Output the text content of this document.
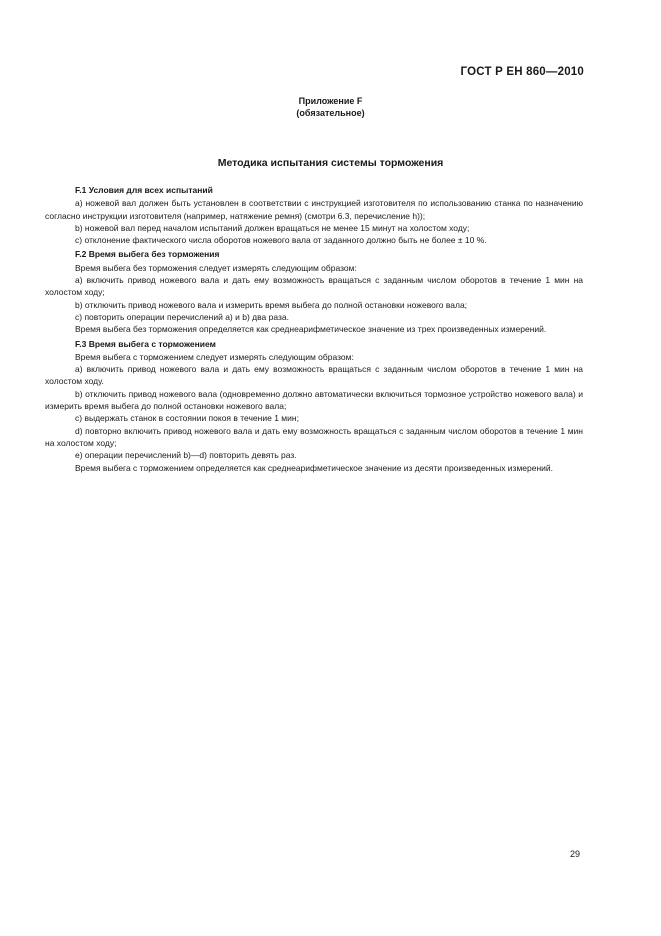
ГОСТ Р ЕН 860—2010
Приложение F
(обязательное)
Методика испытания системы торможения

F.1 Условия для всех испытаний

a) ножевой вал должен быть установлен в соответствии с инструкцией изготовителя по использованию станка по назначению согласно инструкции изготовителя (например, натяжение ремня) (смотри 6.3, перечисление h));

b) ножевой вал перед началом испытаний должен вращаться не менее 15 минут на холостом ходу;

c) отклонение фактического числа оборотов ножевого вала от заданного должно быть не более ± 10 %.

F.2 Время выбега без торможения

Время выбега без торможения следует измерять следующим образом:

a) включить привод ножевого вала и дать ему возможность вращаться с заданным числом оборотов в течение 1 мин на холостом ходу;

b) отключить привод ножевого вала и измерить время выбега до полной остановки ножевого вала;

c) повторить операции перечислений a) и b) два раза.

Время выбега без торможения определяется как среднеарифметическое значение из трех произведенных измерений.

F.3 Время выбега с торможением

Время выбега с торможением следует измерять следующим образом:

a) включить привод ножевого вала и дать ему возможность вращаться с заданным числом оборотов в течение 1 мин на холостом ходу.

b) отключить привод ножевого вала (одновременно должно автоматически включиться тормозное устройство ножевого вала) и измерить время выбега до полной остановки ножевого вала;

c) выдержать станок в состоянии покоя в течение 1 мин;

d) повторно включить привод ножевого вала и дать ему возможность вращаться с заданным числом оборотов в течение 1 мин на холостом ходу;

e) операции перечислений b)—d) повторить девять раз.

Время выбега с торможением определяется как среднеарифметическое значение из десяти произведенных измерений.

29
